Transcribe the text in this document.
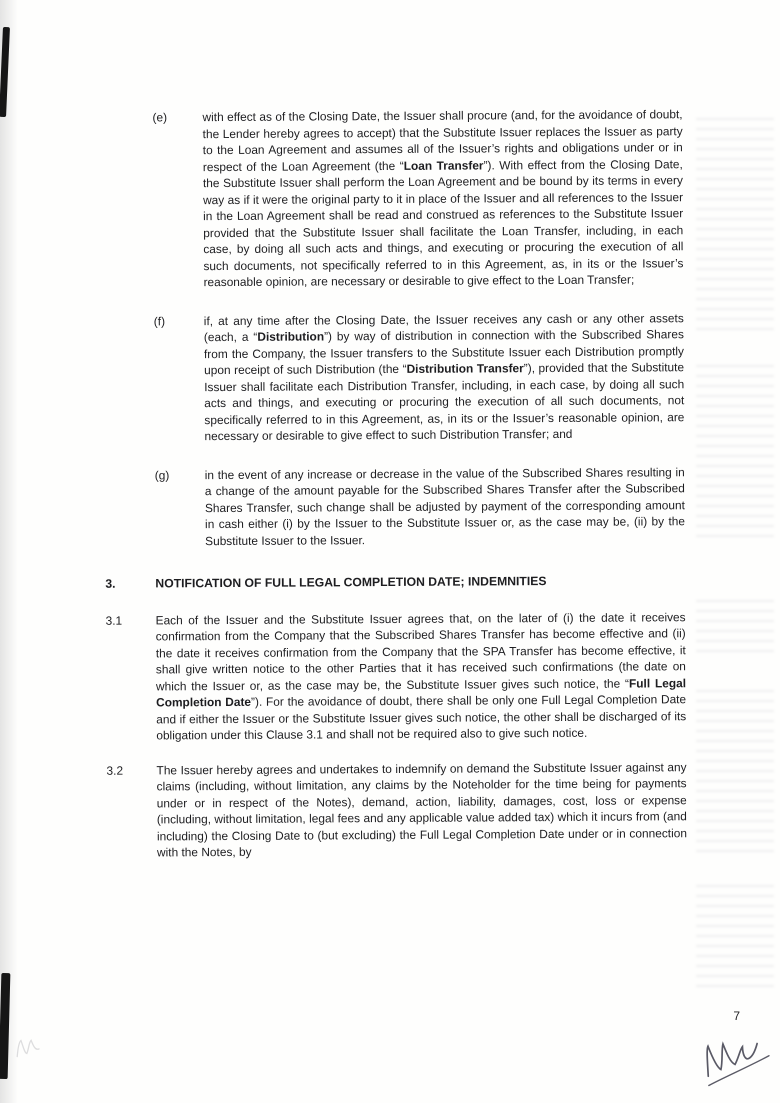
(e)	with effect as of the Closing Date, the Issuer shall procure (and, for the avoidance of doubt, the Lender hereby agrees to accept) that the Substitute Issuer replaces the Issuer as party to the Loan Agreement and assumes all of the Issuer’s rights and obligations under or in respect of the Loan Agreement (the “Loan Transfer”). With effect from the Closing Date, the Substitute Issuer shall perform the Loan Agreement and be bound by its terms in every way as if it were the original party to it in place of the Issuer and all references to the Issuer in the Loan Agreement shall be read and construed as references to the Substitute Issuer provided that the Substitute Issuer shall facilitate the Loan Transfer, including, in each case, by doing all such acts and things, and executing or procuring the execution of all such documents, not specifically referred to in this Agreement, as, in its or the Issuer’s reasonable opinion, are necessary or desirable to give effect to the Loan Transfer;
(f)	if, at any time after the Closing Date, the Issuer receives any cash or any other assets (each, a “Distribution”) by way of distribution in connection with the Subscribed Shares from the Company, the Issuer transfers to the Substitute Issuer each Distribution promptly upon receipt of such Distribution (the “Distribution Transfer”), provided that the Substitute Issuer shall facilitate each Distribution Transfer, including, in each case, by doing all such acts and things, and executing or procuring the execution of all such documents, not specifically referred to in this Agreement, as, in its or the Issuer’s reasonable opinion, are necessary or desirable to give effect to such Distribution Transfer; and
(g)	in the event of any increase or decrease in the value of the Subscribed Shares resulting in a change of the amount payable for the Subscribed Shares Transfer after the Subscribed Shares Transfer, such change shall be adjusted by payment of the corresponding amount in cash either (i) by the Issuer to the Substitute Issuer or, as the case may be, (ii) by the Substitute Issuer to the Issuer.
3.	NOTIFICATION OF FULL LEGAL COMPLETION DATE; INDEMNITIES
3.1	Each of the Issuer and the Substitute Issuer agrees that, on the later of (i) the date it receives confirmation from the Company that the Subscribed Shares Transfer has become effective and (ii) the date it receives confirmation from the Company that the SPA Transfer has become effective, it shall give written notice to the other Parties that it has received such confirmations (the date on which the Issuer or, as the case may be, the Substitute Issuer gives such notice, the “Full Legal Completion Date”). For the avoidance of doubt, there shall be only one Full Legal Completion Date and if either the Issuer or the Substitute Issuer gives such notice, the other shall be discharged of its obligation under this Clause 3.1 and shall not be required also to give such notice.
3.2	The Issuer hereby agrees and undertakes to indemnify on demand the Substitute Issuer against any claims (including, without limitation, any claims by the Noteholder for the time being for payments under or in respect of the Notes), demand, action, liability, damages, cost, loss or expense (including, without limitation, legal fees and any applicable value added tax) which it incurs from (and including) the Closing Date to (but excluding) the Full Legal Completion Date under or in connection with the Notes, by
7
